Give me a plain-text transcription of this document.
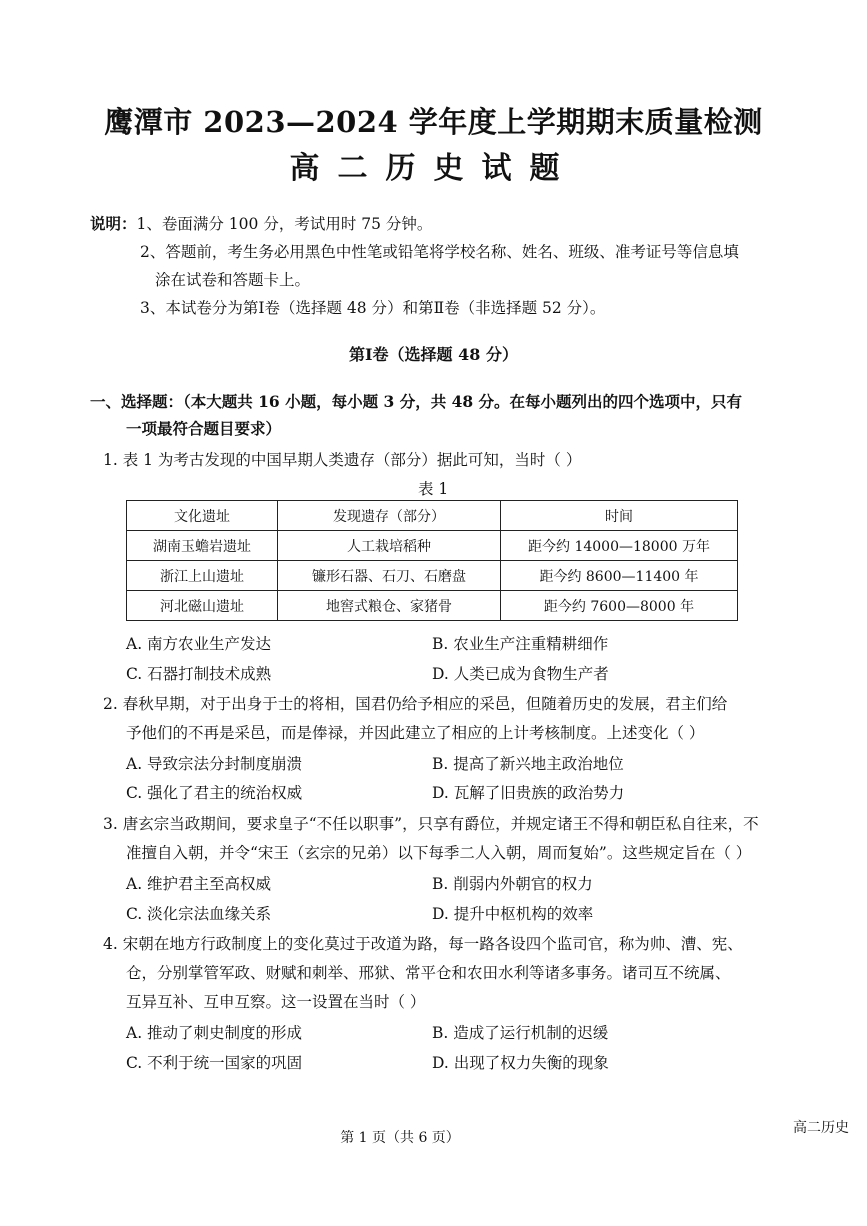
鹰潭市 2023—2024 学年度上学期期末质量检测
高二历史试题
说明：1、卷面满分 100 分，考试用时 75 分钟。
2、答题前，考生务必用黑色中性笔或铅笔将学校名称、姓名、班级、准考证号等信息填
涂在试卷和答题卡上。
3、本试卷分为第Ⅰ卷（选择题 48 分）和第Ⅱ卷（非选择题 52 分）。
第Ⅰ卷（选择题 48 分）
一、选择题：（本大题共 16 小题，每小题 3 分，共 48 分。在每小题列出的四个选项中，只有
一项最符合题目要求）
1. 表 1 为考古发现的中国早期人类遗存（部分）据此可知，当时（ ）
表 1
文化遗址	发现遗存（部分）	时间
湖南玉蟾岩遗址	人工栽培稻种	距今约 14000—18000 万年
浙江上山遗址	镰形石器、石刀、石磨盘	距今约 8600—11400 年
河北磁山遗址	地窖式粮仓、家猪骨	距今约 7600—8000 年
A. 南方农业生产发达	B. 农业生产注重精耕细作
C. 石器打制技术成熟	D. 人类已成为食物生产者
2. 春秋早期，对于出身于士的将相，国君仍给予相应的采邑，但随着历史的发展，君主们给
予他们的不再是采邑，而是俸禄，并因此建立了相应的上计考核制度。上述变化（ ）
A. 导致宗法分封制度崩溃	B. 提高了新兴地主政治地位
C. 强化了君主的统治权威	D. 瓦解了旧贵族的政治势力
3. 唐玄宗当政期间，要求皇子“不任以职事”，只享有爵位，并规定诸王不得和朝臣私自往来，不
准擅自入朝，并令“宋王（玄宗的兄弟）以下每季二人入朝，周而复始”。这些规定旨在（ ）
A. 维护君主至高权威	B. 削弱内外朝官的权力
C. 淡化宗法血缘关系	D. 提升中枢机构的效率
4. 宋朝在地方行政制度上的变化莫过于改道为路，每一路各设四个监司官，称为帅、漕、宪、
仓，分别掌管军政、财赋和刺举、邢狱、常平仓和农田水利等诸多事务。诸司互不统属、
互异互补、互申互察。这一设置在当时（ ）
A. 推动了刺史制度的形成	B. 造成了运行机制的迟缓
C. 不利于统一国家的巩固	D. 出现了权力失衡的现象
第 1 页（共 6 页）
高二历史
